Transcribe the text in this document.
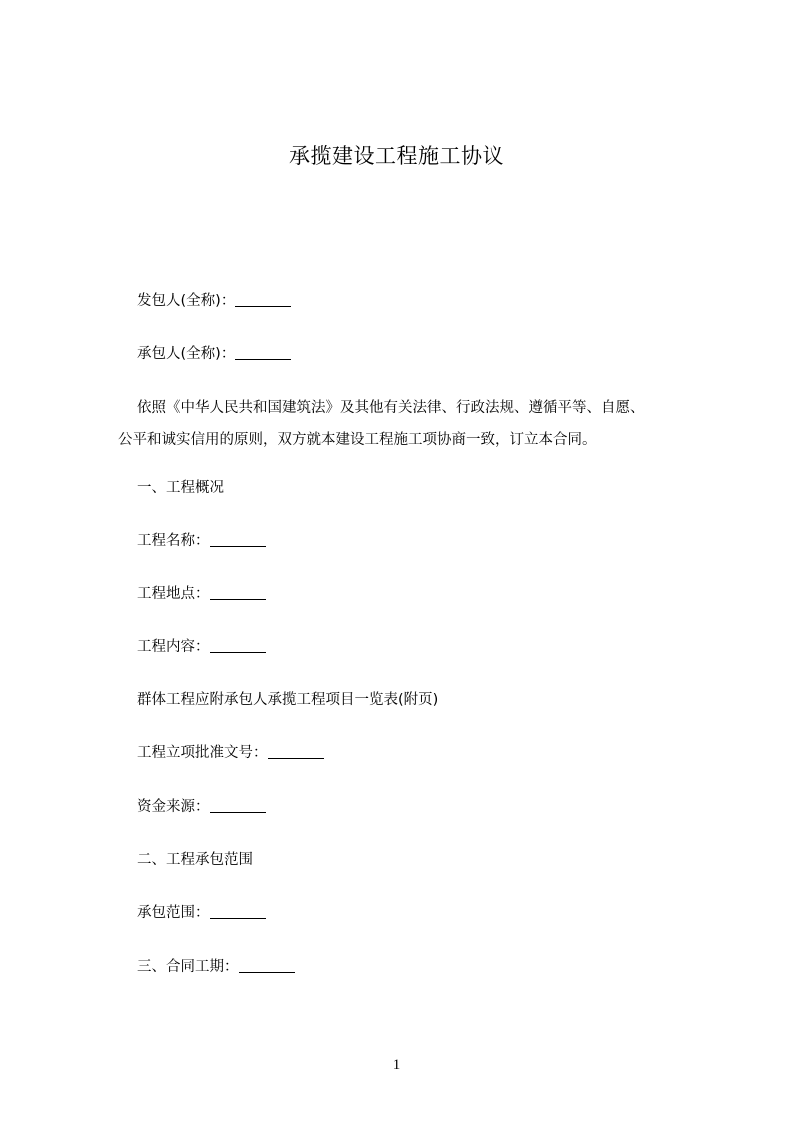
承揽建设工程施工协议
发包人(全称)：
承包人(全称)：
依照《中华人民共和国建筑法》及其他有关法律、行政法规、遵循平等、自愿、
公平和诚实信用的原则，双方就本建设工程施工项协商一致，订立本合同。
一、工程概况
工程名称：
工程地点：
工程内容：
群体工程应附承包人承揽工程项目一览表(附页)
工程立项批准文号：
资金来源：
二、工程承包范围
承包范围：
三、合同工期：
1
